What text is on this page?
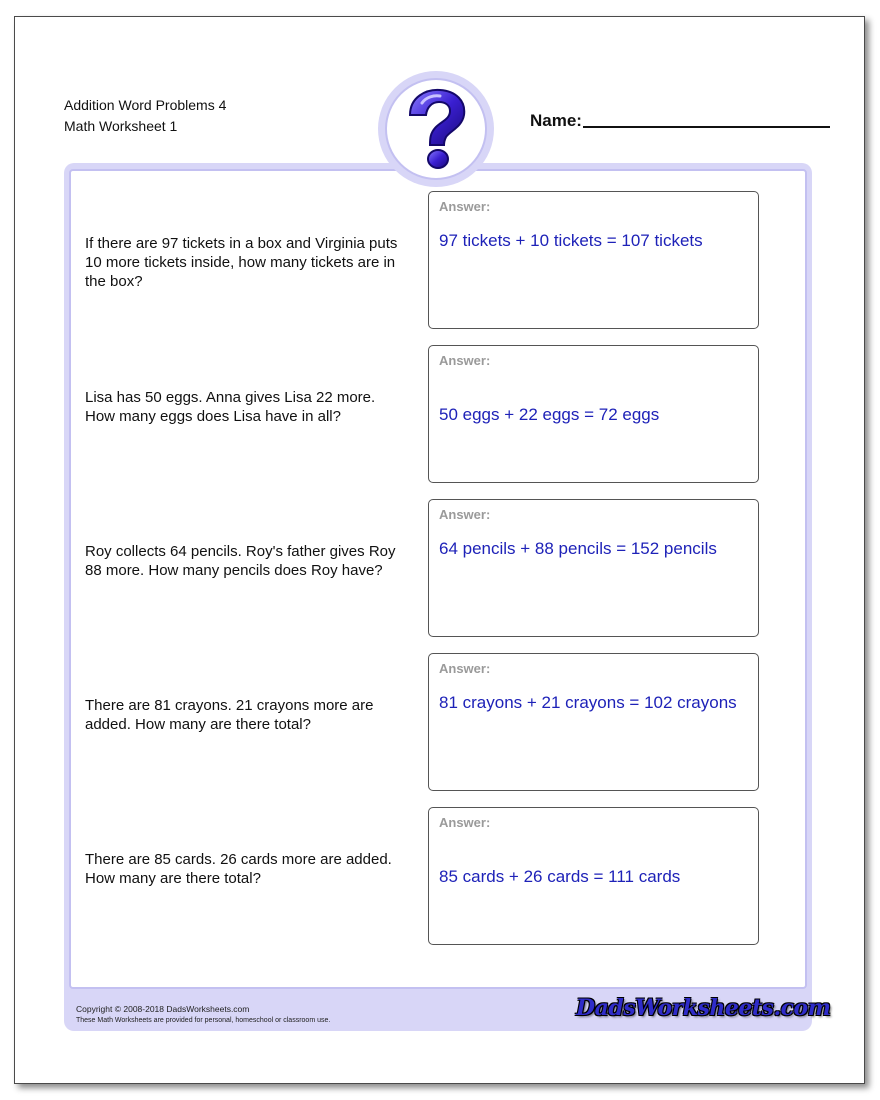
Addition Word Problems 4
Math Worksheet 1	Name:
Copyright © 2008-2018 DadsWorksheets.com
These Math Worksheets are provided for personal, homeschool or classroom use.	DadsWorksheets.com
If there are 97 tickets in a box and Virginia puts 10 more tickets inside, how many tickets are in the box?
Answer:
97 tickets + 10 tickets = 107 tickets
Lisa has 50 eggs. Anna gives Lisa 22 more. How many eggs does Lisa have in all?
Answer:
50 eggs + 22 eggs = 72 eggs
Roy collects 64 pencils. Roy's father gives Roy 88 more. How many pencils does Roy have?
Answer:
64 pencils + 88 pencils = 152 pencils
There are 81 crayons. 21 crayons more are added. How many are there total?
Answer:
81 crayons + 21 crayons = 102 crayons
There are 85 cards. 26 cards more are added. How many are there total?
Answer:
85 cards + 26 cards = 111 cards
